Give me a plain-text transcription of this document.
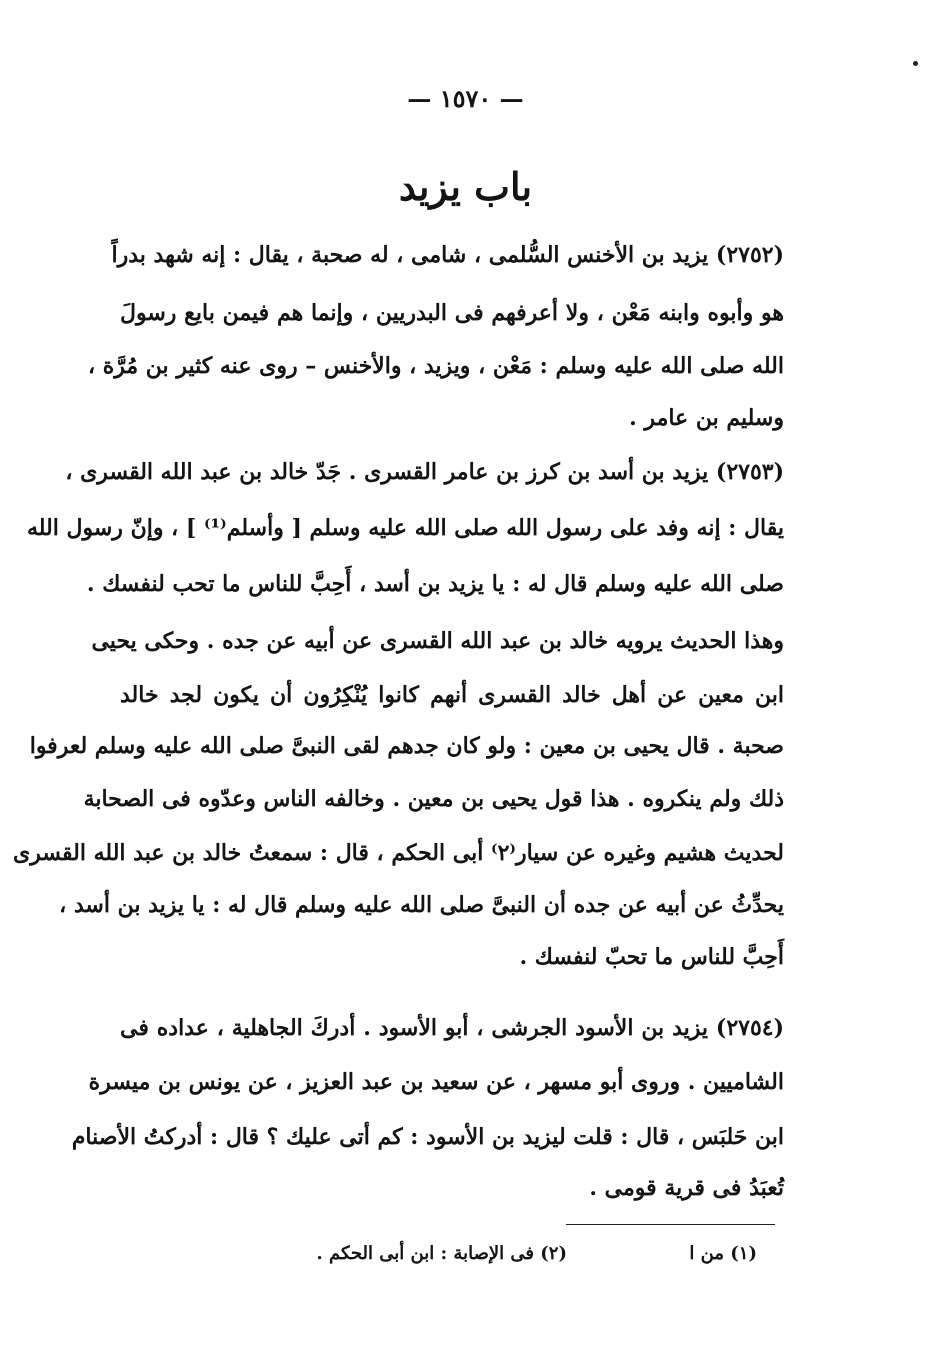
— ١٥٧٠ —
باب يزيد
(٢٧٥٢) يزيد بن الأخنس السُّلمى ، شامى ، له صحبة ، يقال : إنه شهد بدراً
هو وأبوه وابنه مَعْن ، ولا أعرفهم فى البدريين ، وإنما هم فيمن بايع رسولَ
الله صلى الله عليه وسلم : مَعْن ، ويزيد ، والأخنس – روى عنه كثير بن مُرَّة ،
وسليم بن عامر .
(٢٧٥٣) يزيد بن أسد بن كرز بن عامر القسرى . جَدّ خالد بن عبد الله القسرى ،
يقال : إنه وفد على رسول الله صلى الله عليه وسلم [ وأسلم⁽¹⁾ ] ، وإنّ رسول الله
صلى الله عليه وسلم قال له : يا يزيد بن أسد ، أَحِبَّ للناس ما تحب لنفسك .
وهذا الحديث يرويه خالد بن عبد الله القسرى عن أبيه عن جده . وحكى يحيى
ابن معين عن أهل خالد القسرى أنهم كانوا يُنْكِرُون أن يكون لجد خالد
صحبة . قال يحيى بن معين : ولو كان جدهم لقى النبىَّ صلى الله عليه وسلم لعرفوا
ذلك ولم ينكروه . هذا قول يحيى بن معين . وخالفه الناس وعدّوه فى الصحابة
لحديث هشيم وغيره عن سيار⁽٢⁾ أبى الحكم ، قال : سمعتُ خالد بن عبد الله القسرى
يحدِّثُ عن أبيه عن جده أن النبىَّ صلى الله عليه وسلم قال له : يا يزيد بن أسد ،
أَحِبَّ للناس ما تحبّ لنفسك .
(٢٧٥٤) يزيد بن الأسود الجرشى ، أبو الأسود . أدركَ الجاهلية ، عداده فى
الشاميين . وروى أبو مسهر ، عن سعيد بن عبد العزيز ، عن يونس بن ميسرة
ابن حَلبَس ، قال : قلت ليزيد بن الأسود : كم أتى عليك ؟ قال : أدركتُ الأصنام
تُعبَدُ فى قرية قومى .
(١) من ا
(٢) فى الإصابة : ابن أبى الحكم .
